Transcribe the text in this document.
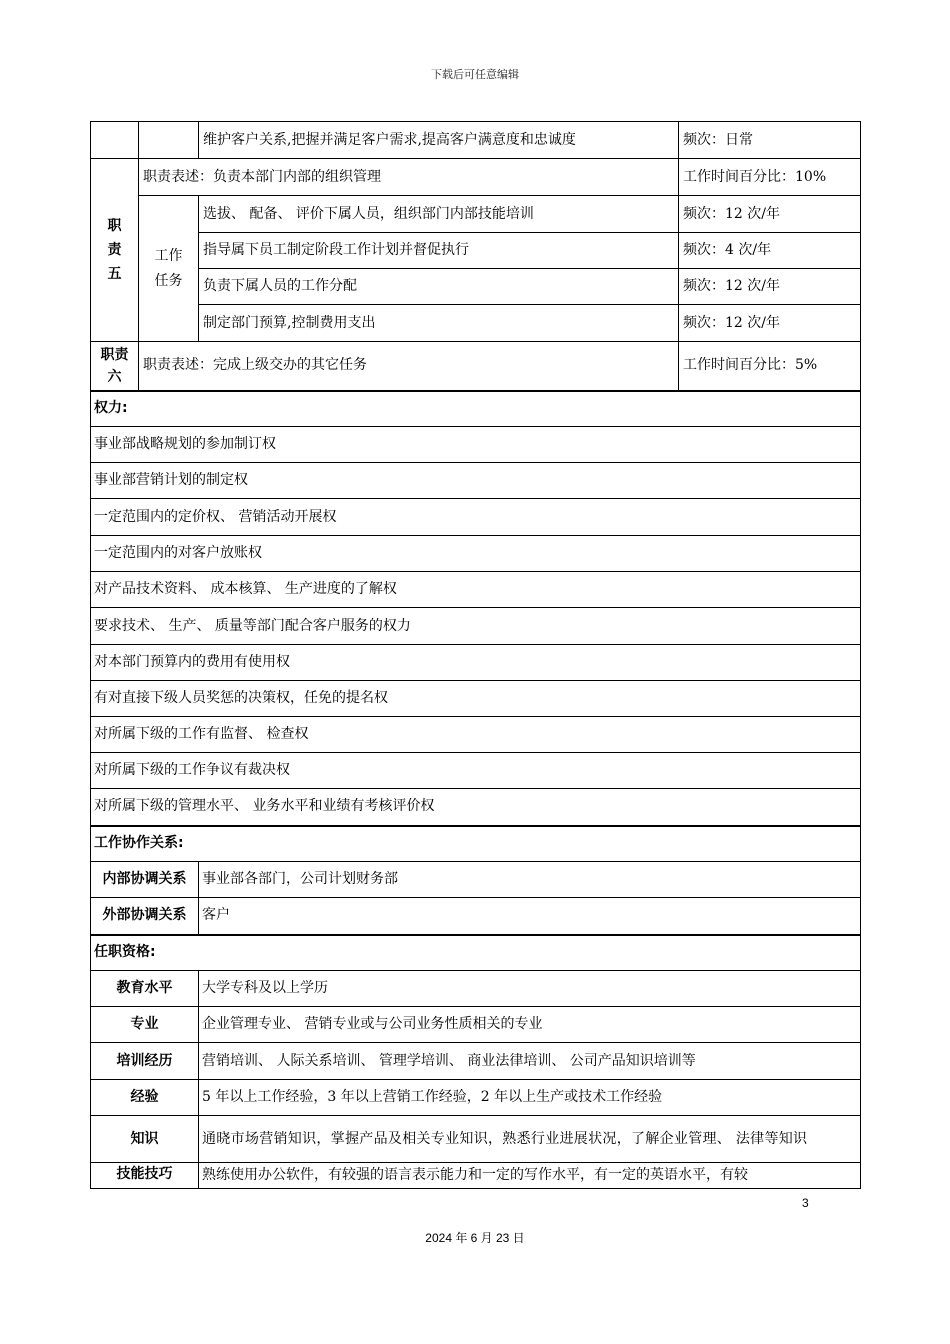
下载后可任意编辑
		维护客户关系,把握并满足客户需求,提高客户满意度和忠诚度	频次：日常
职
责
五	职责表述：负责本部门内部的组织管理		工作时间百分比：10%
	工作
任务	选拔、 配备、 评价下属人员，组织部门内部技能培训	频次：12 次/年
		指导属下员工制定阶段工作计划并督促执行	频次：4 次/年
		负责下属人员的工作分配	频次：12 次/年
		制定部门预算,控制费用支出	频次：12 次/年
职责
六	职责表述：完成上级交办的其它任务		工作时间百分比：5%
权力:			
事业部战略规划的参加制订权			
事业部营销计划的制定权			
一定范围内的定价权、 营销活动开展权			
一定范围内的对客户放账权			
对产品技术资料、 成本核算、 生产进度的了解权			
要求技术、 生产、 质量等部门配合客户服务的权力			
对本部门预算内的费用有使用权			
有对直接下级人员奖惩的决策权，任免的提名权			
对所属下级的工作有监督、 检查权			
对所属下级的工作争议有裁决权			
对所属下级的管理水平、 业务水平和业绩有考核评价权			
工作协作关系:			
内部协调关系		事业部各部门，公司计划财务部	
外部协调关系		客户	
任职资格:			
教育水平		大学专科及以上学历	
专业		企业管理专业、 营销专业或与公司业务性质相关的专业	
培训经历		营销培训、 人际关系培训、 管理学培训、 商业法律培训、 公司产品知识培训等	
经验		5 年以上工作经验，3 年以上营销工作经验，2 年以上生产或技术工作经验	
知识		通晓市场营销知识，掌握产品及相关专业知识，熟悉行业进展状况，了解企业管理、 法律等知识	
技能技巧		熟练使用办公软件，有较强的语言表示能力和一定的写作水平，有一定的英语水平，有较	
3
2024 年 6 月 23 日
